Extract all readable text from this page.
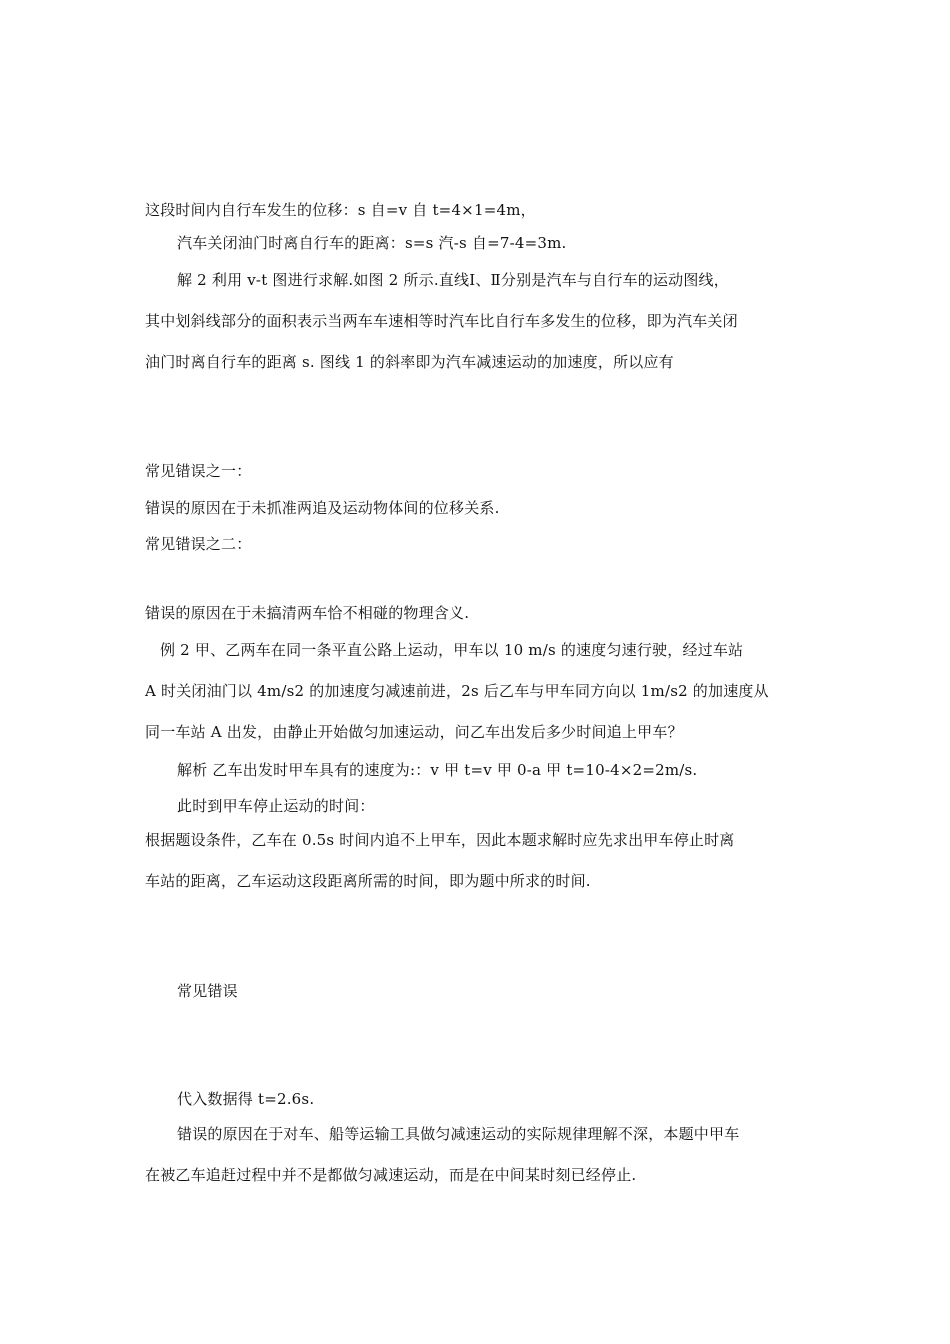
这段时间内自行车发生的位移：s 自=v 自 t=4×1=4m，
汽车关闭油门时离自行车的距离：s=s 汽-s 自=7-4=3m.
解 2 利用 v-t 图进行求解.如图 2 所示.直线Ⅰ、Ⅱ分别是汽车与自行车的运动图线，
其中划斜线部分的面积表示当两车车速相等时汽车比自行车多发生的位移，即为汽车关闭
油门时离自行车的距离 s. 图线 1 的斜率即为汽车减速运动的加速度，所以应有
常见错误之一：
错误的原因在于未抓准两追及运动物体间的位移关系.
常见错误之二：
错误的原因在于未搞清两车恰不相碰的物理含义.
例 2 甲、乙两车在同一条平直公路上运动，甲车以 10 m/s 的速度匀速行驶，经过车站
A 时关闭油门以 4m/s2 的加速度匀减速前进，2s 后乙车与甲车同方向以 1m/s2 的加速度从
同一车站 A 出发，由静止开始做匀加速运动，问乙车出发后多少时间追上甲车？
解析 乙车出发时甲车具有的速度为:：v 甲 t=v 甲 0-a 甲 t=10-4×2=2m/s.
此时到甲车停止运动的时间：
根据题设条件，乙车在 0.5s 时间内追不上甲车，因此本题求解时应先求出甲车停止时离
车站的距离，乙车运动这段距离所需的时间，即为题中所求的时间.
常见错误
代入数据得 t=2.6s.
错误的原因在于对车、船等运输工具做匀减速运动的实际规律理解不深，本题中甲车
在被乙车追赶过程中并不是都做匀减速运动，而是在中间某时刻已经停止.
